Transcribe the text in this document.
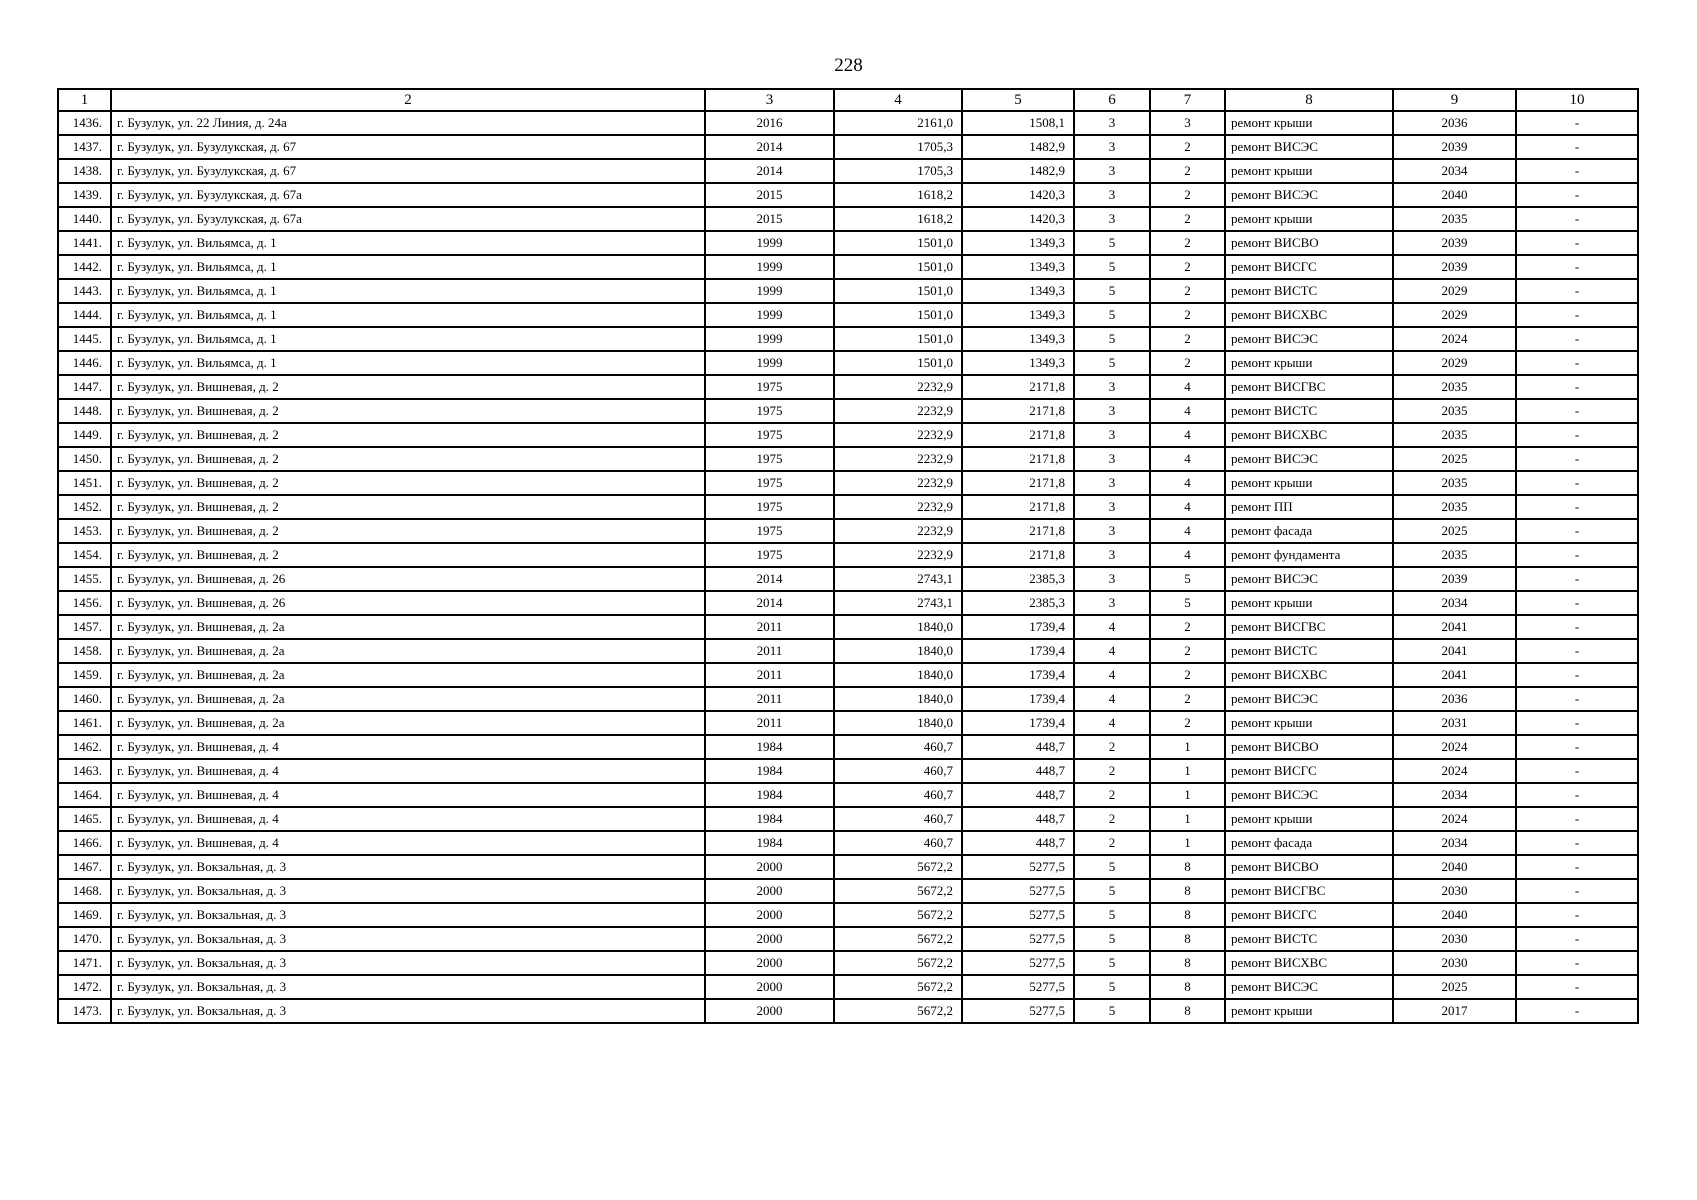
228
1	2	3	4	5	6	7	8	9	10
1436.	г. Бузулук, ул. 22 Линия, д. 24а	2016	2161,0	1508,1	3	3	ремонт крыши	2036	-
1437.	г. Бузулук, ул. Бузулукская, д. 67	2014	1705,3	1482,9	3	2	ремонт ВИСЭС	2039	-
1438.	г. Бузулук, ул. Бузулукская, д. 67	2014	1705,3	1482,9	3	2	ремонт крыши	2034	-
1439.	г. Бузулук, ул. Бузулукская, д. 67а	2015	1618,2	1420,3	3	2	ремонт ВИСЭС	2040	-
1440.	г. Бузулук, ул. Бузулукская, д. 67а	2015	1618,2	1420,3	3	2	ремонт крыши	2035	-
1441.	г. Бузулук, ул. Вильямса, д. 1	1999	1501,0	1349,3	5	2	ремонт ВИСВО	2039	-
1442.	г. Бузулук, ул. Вильямса, д. 1	1999	1501,0	1349,3	5	2	ремонт ВИСГС	2039	-
1443.	г. Бузулук, ул. Вильямса, д. 1	1999	1501,0	1349,3	5	2	ремонт ВИСТС	2029	-
1444.	г. Бузулук, ул. Вильямса, д. 1	1999	1501,0	1349,3	5	2	ремонт ВИСХВС	2029	-
1445.	г. Бузулук, ул. Вильямса, д. 1	1999	1501,0	1349,3	5	2	ремонт ВИСЭС	2024	-
1446.	г. Бузулук, ул. Вильямса, д. 1	1999	1501,0	1349,3	5	2	ремонт крыши	2029	-
1447.	г. Бузулук, ул. Вишневая, д. 2	1975	2232,9	2171,8	3	4	ремонт ВИСГВС	2035	-
1448.	г. Бузулук, ул. Вишневая, д. 2	1975	2232,9	2171,8	3	4	ремонт ВИСТС	2035	-
1449.	г. Бузулук, ул. Вишневая, д. 2	1975	2232,9	2171,8	3	4	ремонт ВИСХВС	2035	-
1450.	г. Бузулук, ул. Вишневая, д. 2	1975	2232,9	2171,8	3	4	ремонт ВИСЭС	2025	-
1451.	г. Бузулук, ул. Вишневая, д. 2	1975	2232,9	2171,8	3	4	ремонт крыши	2035	-
1452.	г. Бузулук, ул. Вишневая, д. 2	1975	2232,9	2171,8	3	4	ремонт ПП	2035	-
1453.	г. Бузулук, ул. Вишневая, д. 2	1975	2232,9	2171,8	3	4	ремонт фасада	2025	-
1454.	г. Бузулук, ул. Вишневая, д. 2	1975	2232,9	2171,8	3	4	ремонт фундамента	2035	-
1455.	г. Бузулук, ул. Вишневая, д. 26	2014	2743,1	2385,3	3	5	ремонт ВИСЭС	2039	-
1456.	г. Бузулук, ул. Вишневая, д. 26	2014	2743,1	2385,3	3	5	ремонт крыши	2034	-
1457.	г. Бузулук, ул. Вишневая, д. 2а	2011	1840,0	1739,4	4	2	ремонт ВИСГВС	2041	-
1458.	г. Бузулук, ул. Вишневая, д. 2а	2011	1840,0	1739,4	4	2	ремонт ВИСТС	2041	-
1459.	г. Бузулук, ул. Вишневая, д. 2а	2011	1840,0	1739,4	4	2	ремонт ВИСХВС	2041	-
1460.	г. Бузулук, ул. Вишневая, д. 2а	2011	1840,0	1739,4	4	2	ремонт ВИСЭС	2036	-
1461.	г. Бузулук, ул. Вишневая, д. 2а	2011	1840,0	1739,4	4	2	ремонт крыши	2031	-
1462.	г. Бузулук, ул. Вишневая, д. 4	1984	460,7	448,7	2	1	ремонт ВИСВО	2024	-
1463.	г. Бузулук, ул. Вишневая, д. 4	1984	460,7	448,7	2	1	ремонт ВИСГС	2024	-
1464.	г. Бузулук, ул. Вишневая, д. 4	1984	460,7	448,7	2	1	ремонт ВИСЭС	2034	-
1465.	г. Бузулук, ул. Вишневая, д. 4	1984	460,7	448,7	2	1	ремонт крыши	2024	-
1466.	г. Бузулук, ул. Вишневая, д. 4	1984	460,7	448,7	2	1	ремонт фасада	2034	-
1467.	г. Бузулук, ул. Вокзальная, д. 3	2000	5672,2	5277,5	5	8	ремонт ВИСВО	2040	-
1468.	г. Бузулук, ул. Вокзальная, д. 3	2000	5672,2	5277,5	5	8	ремонт ВИСГВС	2030	-
1469.	г. Бузулук, ул. Вокзальная, д. 3	2000	5672,2	5277,5	5	8	ремонт ВИСГС	2040	-
1470.	г. Бузулук, ул. Вокзальная, д. 3	2000	5672,2	5277,5	5	8	ремонт ВИСТС	2030	-
1471.	г. Бузулук, ул. Вокзальная, д. 3	2000	5672,2	5277,5	5	8	ремонт ВИСХВС	2030	-
1472.	г. Бузулук, ул. Вокзальная, д. 3	2000	5672,2	5277,5	5	8	ремонт ВИСЭС	2025	-
1473.	г. Бузулук, ул. Вокзальная, д. 3	2000	5672,2	5277,5	5	8	ремонт крыши	2017	-
